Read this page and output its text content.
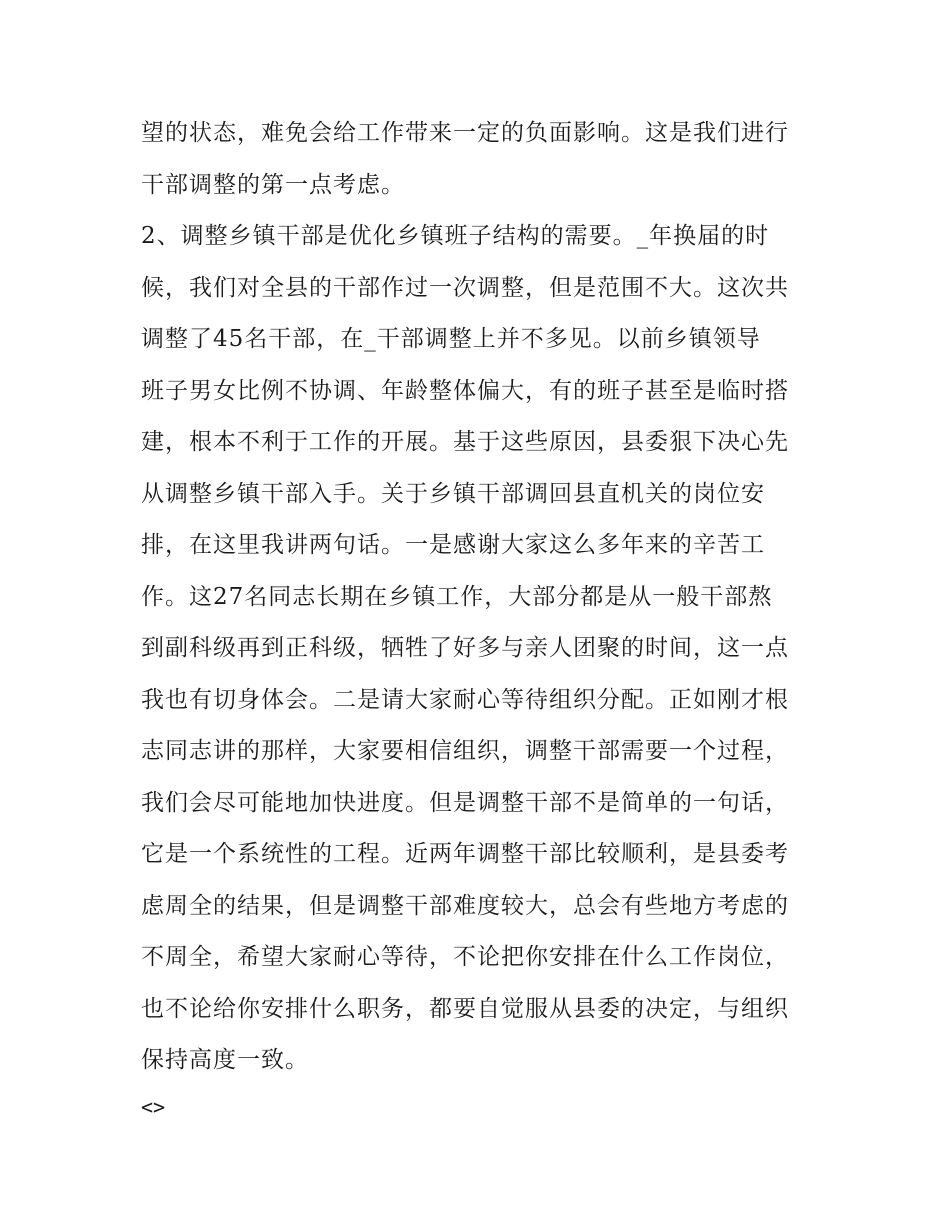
望的状态，难免会给工作带来一定的负面影响。这是我们进行
干部调整的第一点考虑。
2、调整乡镇干部是优化乡镇班子结构的需要。_年换届的时
候，我们对全县的干部作过一次调整，但是范围不大。这次共
调整了45名干部，在_干部调整上并不多见。以前乡镇领导
班子男女比例不协调、年龄整体偏大，有的班子甚至是临时搭
建，根本不利于工作的开展。基于这些原因，县委狠下决心先
从调整乡镇干部入手。关于乡镇干部调回县直机关的岗位安
排，在这里我讲两句话。一是感谢大家这么多年来的辛苦工
作。这27名同志长期在乡镇工作，大部分都是从一般干部熬
到副科级再到正科级，牺牲了好多与亲人团聚的时间，这一点
我也有切身体会。二是请大家耐心等待组织分配。正如刚才根
志同志讲的那样，大家要相信组织，调整干部需要一个过程，
我们会尽可能地加快进度。但是调整干部不是简单的一句话，
它是一个系统性的工程。近两年调整干部比较顺利，是县委考
虑周全的结果，但是调整干部难度较大，总会有些地方考虑的
不周全，希望大家耐心等待，不论把你安排在什么工作岗位，
也不论给你安排什么职务，都要自觉服从县委的决定，与组织
保持高度一致。
<>
